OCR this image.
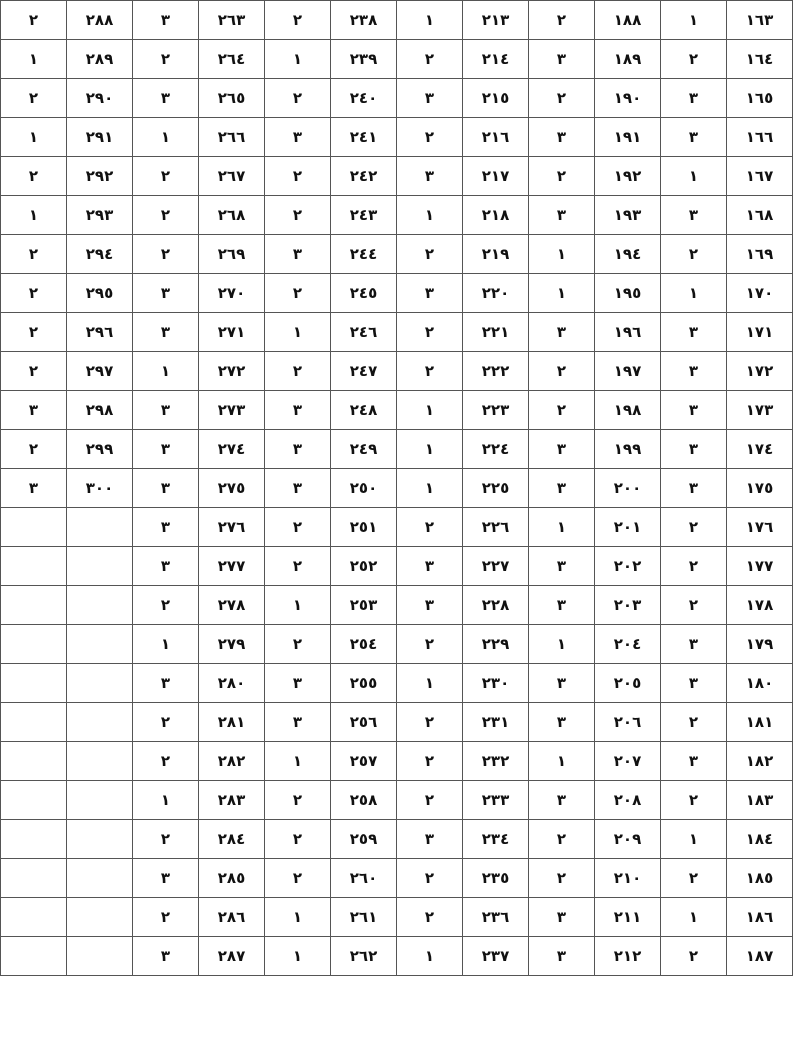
١٦٣	١	١٨٨	٢	٢١٣	١	٢٣٨	٢	٢٦٣	٣	٢٨٨	٢
١٦٤	٢	١٨٩	٣	٢١٤	٢	٢٣٩	١	٢٦٤	٢	٢٨٩	١
١٦٥	٣	١٩٠	٢	٢١٥	٣	٢٤٠	٢	٢٦٥	٣	٢٩٠	٢
١٦٦	٣	١٩١	٣	٢١٦	٢	٢٤١	٣	٢٦٦	١	٢٩١	١
١٦٧	١	١٩٢	٢	٢١٧	٣	٢٤٢	٢	٢٦٧	٢	٢٩٢	٢
١٦٨	٣	١٩٣	٣	٢١٨	١	٢٤٣	٢	٢٦٨	٢	٢٩٣	١
١٦٩	٢	١٩٤	١	٢١٩	٢	٢٤٤	٣	٢٦٩	٢	٢٩٤	٢
١٧٠	١	١٩٥	١	٢٢٠	٣	٢٤٥	٢	٢٧٠	٣	٢٩٥	٢
١٧١	٣	١٩٦	٣	٢٢١	٢	٢٤٦	١	٢٧١	٣	٢٩٦	٢
١٧٢	٣	١٩٧	٢	٢٢٢	٢	٢٤٧	٢	٢٧٢	١	٢٩٧	٢
١٧٣	٣	١٩٨	٢	٢٢٣	١	٢٤٨	٣	٢٧٣	٣	٢٩٨	٣
١٧٤	٣	١٩٩	٣	٢٢٤	١	٢٤٩	٣	٢٧٤	٣	٢٩٩	٢
١٧٥	٣	٢٠٠	٣	٢٢٥	١	٢٥٠	٣	٢٧٥	٣	٣٠٠	٣
١٧٦	٢	٢٠١	١	٢٢٦	٢	٢٥١	٢	٢٧٦	٣		
١٧٧	٢	٢٠٢	٣	٢٢٧	٣	٢٥٢	٢	٢٧٧	٣		
١٧٨	٢	٢٠٣	٣	٢٢٨	٣	٢٥٣	١	٢٧٨	٢		
١٧٩	٣	٢٠٤	١	٢٢٩	٢	٢٥٤	٢	٢٧٩	١		
١٨٠	٣	٢٠٥	٣	٢٣٠	١	٢٥٥	٣	٢٨٠	٣		
١٨١	٢	٢٠٦	٣	٢٣١	٢	٢٥٦	٣	٢٨١	٢		
١٨٢	٣	٢٠٧	١	٢٣٢	٢	٢٥٧	١	٢٨٢	٢		
١٨٣	٢	٢٠٨	٣	٢٣٣	٢	٢٥٨	٢	٢٨٣	١		
١٨٤	١	٢٠٩	٢	٢٣٤	٣	٢٥٩	٢	٢٨٤	٢		
١٨٥	٢	٢١٠	٢	٢٣٥	٢	٢٦٠	٢	٢٨٥	٣		
١٨٦	١	٢١١	٣	٢٣٦	٢	٢٦١	١	٢٨٦	٢		
١٨٧	٢	٢١٢	٣	٢٣٧	١	٢٦٢	١	٢٨٧	٣		
